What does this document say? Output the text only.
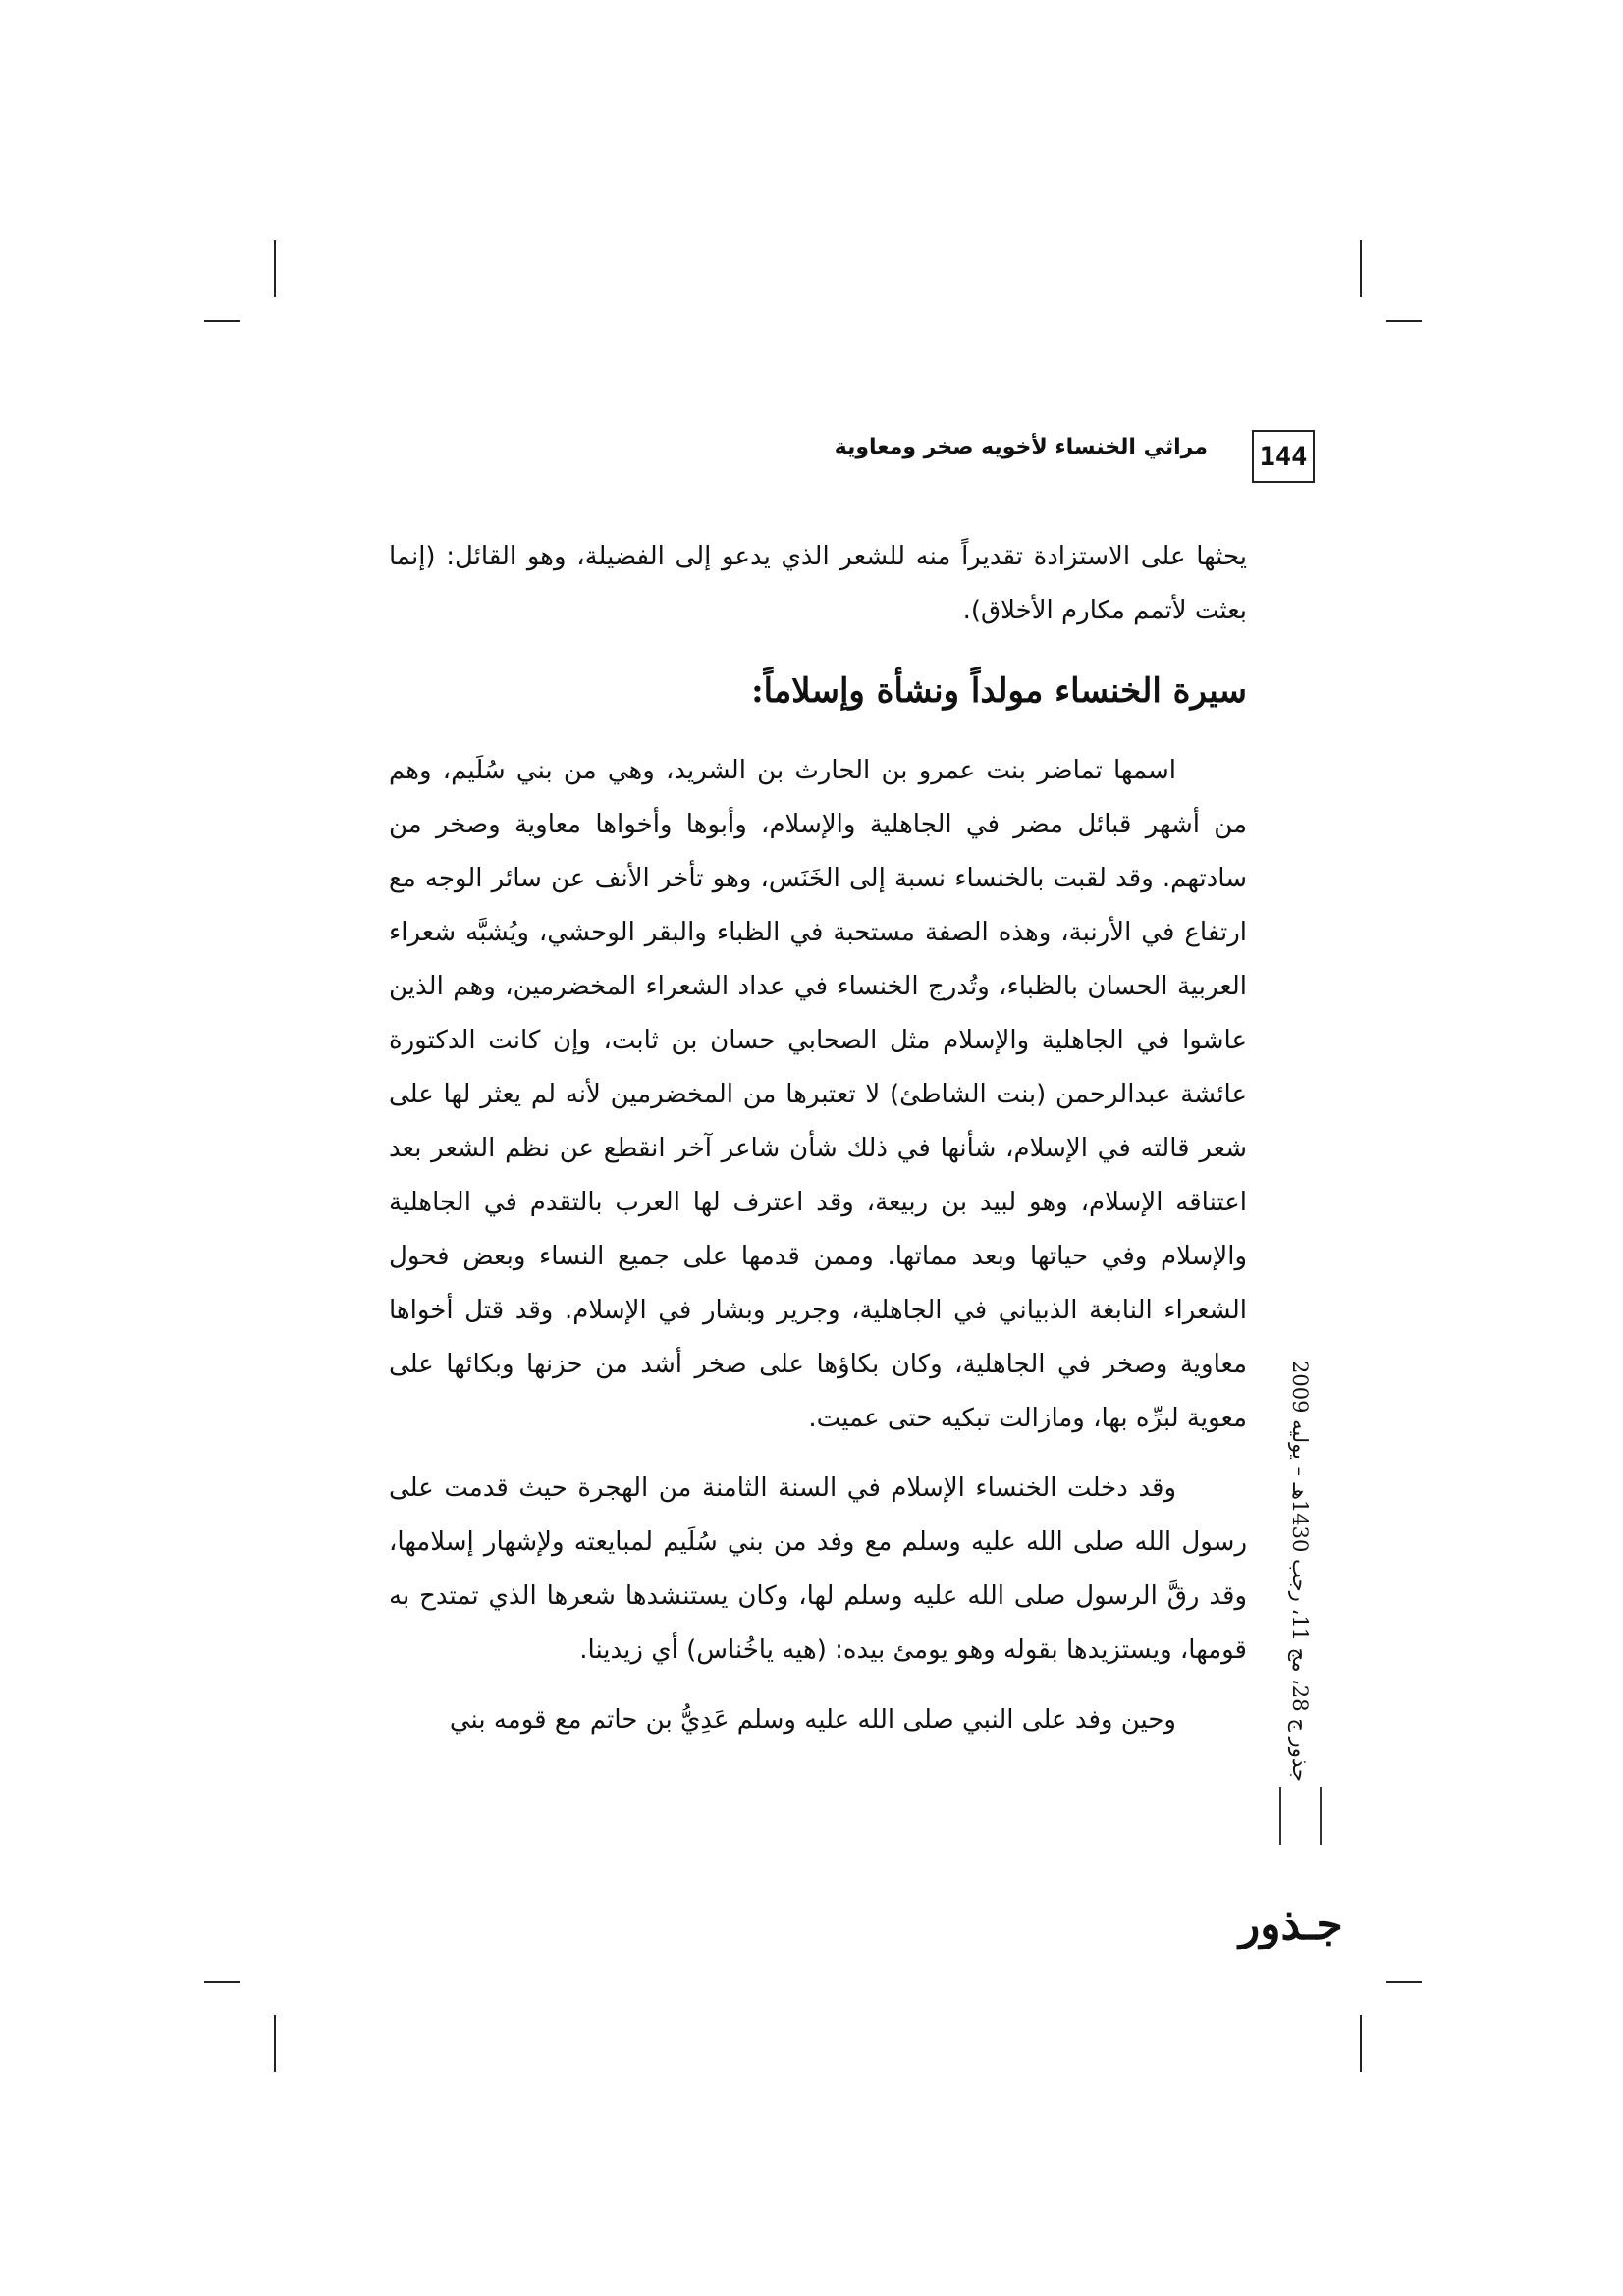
144
مراثي الخنساء لأخويه صخر ومعاوية

يحثها على الاستزادة تقديراً منه للشعر الذي يدعو إلى الفضيلة، وهو القائل: (إنما بعثت لأتمم مكارم الأخلاق).

سيرة الخنساء مولداً ونشأة وإسلاماً:

اسمها تماضر بنت عمرو بن الحارث بن الشريد، وهي من بني سُلَيم، وهم من أشهر قبائل مضر في الجاهلية والإسلام، وأبوها وأخواها معاوية وصخر من سادتهم. وقد لقبت بالخنساء نسبة إلى الخَنَس، وهو تأخر الأنف عن سائر الوجه مع ارتفاع في الأرنبة، وهذه الصفة مستحبة في الظباء والبقر الوحشي، ويُشبَّه شعراء العربية الحسان بالظباء، وتُدرج الخنساء في عداد الشعراء المخضرمين، وهم الذين عاشوا في الجاهلية والإسلام مثل الصحابي حسان بن ثابت، وإن كانت الدكتورة عائشة عبدالرحمن (بنت الشاطئ) لا تعتبرها من المخضرمين لأنه لم يعثر لها على شعر قالته في الإسلام، شأنها في ذلك شأن شاعر آخر انقطع عن نظم الشعر بعد اعتناقه الإسلام، وهو لبيد بن ربيعة، وقد اعترف لها العرب بالتقدم في الجاهلية والإسلام وفي حياتها وبعد مماتها. وممن قدمها على جميع النساء وبعض فحول الشعراء النابغة الذبياني في الجاهلية، وجرير وبشار في الإسلام. وقد قتل أخواها معاوية وصخر في الجاهلية، وكان بكاؤها على صخر أشد من حزنها وبكائها على معوية لبرِّه بها، ومازالت تبكيه حتى عميت.

وقد دخلت الخنساء الإسلام في السنة الثامنة من الهجرة حيث قدمت على رسول الله صلى الله عليه وسلم مع وفد من بني سُلَيم لمبايعته ولإشهار إسلامها، وقد رقَّ الرسول صلى الله عليه وسلم لها، وكان يستنشدها شعرها الذي تمتدح به قومها، ويستزيدها بقوله وهو يومئ بيده: (هيه ياخُناس) أي زيدينا.

وحين وفد على النبي صلى الله عليه وسلم عَدِيُّ بن حاتم مع قومه بني

جذور ج 28، مج 11، رجب 1430هـ – يوليه 2009
جـذور
